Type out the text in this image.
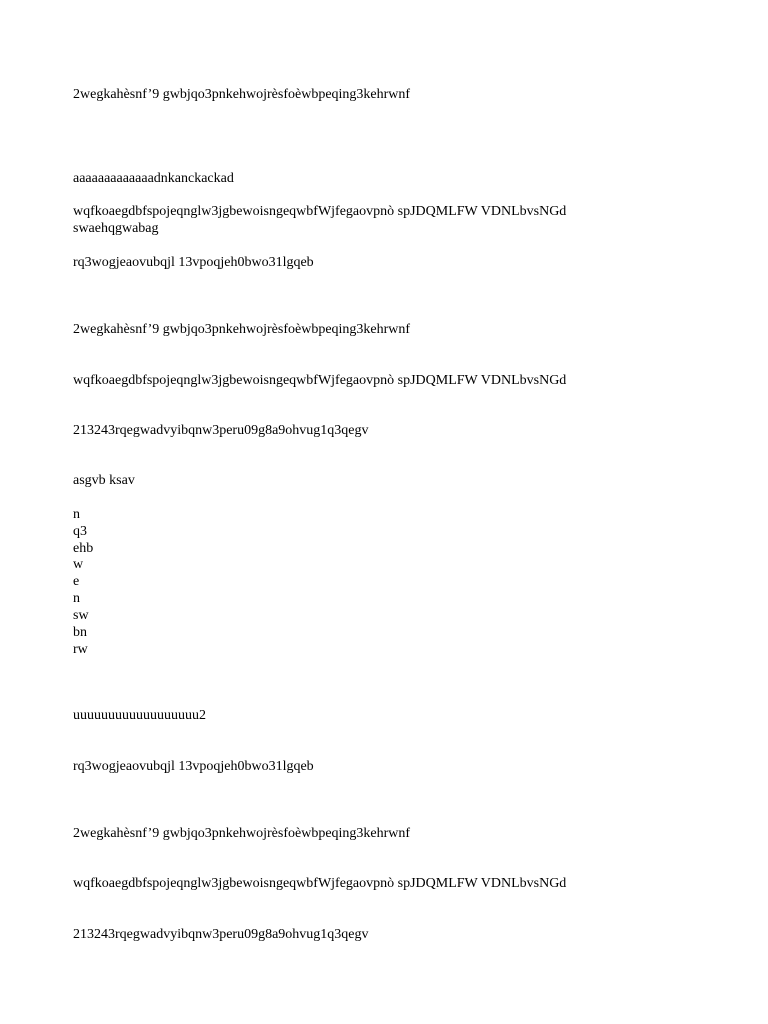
2wegkahèsnf’9 gwbjqo3pnkehwojrèsfoèwbpeqing3kehrwnf

aaaaaaaaaaaaadnkanckackad

wqfkoaegdbfspojeqnglw3jgbewoisngeqwbfWjfegaovpnò spJDQMLFW VDNLbvsNGd

swaehqgwabag

rq3wogjeaovubqjl 13vpoqjeh0bwo31lgqeb

2wegkahèsnf’9 gwbjqo3pnkehwojrèsfoèwbpeqing3kehrwnf

wqfkoaegdbfspojeqnglw3jgbewoisngeqwbfWjfegaovpnò spJDQMLFW VDNLbvsNGd

213243rqegwadvyibqnw3peru09g8a9ohvug1q3qegv

asgvb ksav

n

q3

ehb

w

e

n

sw

bn

rw

uuuuuuuuuuuuuuuuuu2

rq3wogjeaovubqjl 13vpoqjeh0bwo31lgqeb

2wegkahèsnf’9 gwbjqo3pnkehwojrèsfoèwbpeqing3kehrwnf

wqfkoaegdbfspojeqnglw3jgbewoisngeqwbfWjfegaovpnò spJDQMLFW VDNLbvsNGd

213243rqegwadvyibqnw3peru09g8a9ohvug1q3qegv
